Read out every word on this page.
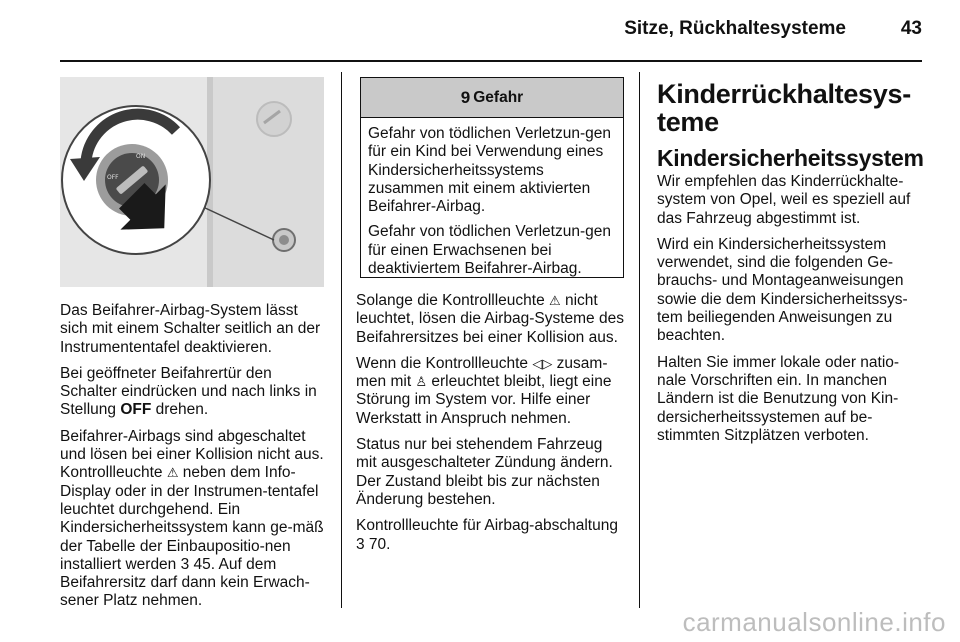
Sitze, Rückhaltesysteme	43
ON
OFF

Das Beifahrer-Airbag-System lässt sich mit einem Schalter seitlich an der Instrumententafel deaktivieren.

Bei geöffneter Beifahrertür den Schalter eindrücken und nach links in Stellung OFF drehen.

Beifahrer-Airbags sind abgeschaltet und lösen bei einer Kollision nicht aus. Kontrollleuchte ⚠ neben dem Info-Display oder in der Instrumen-tentafel leuchtet durchgehend. Ein Kindersicherheitssystem kann ge-mäß der Tabelle der Einbaupositio-nen installiert werden 3 45. Auf dem Beifahrersitz darf dann kein Erwach-sener Platz nehmen.

9 Gefahr

Gefahr von tödlichen Verletzun-gen für ein Kind bei Verwendung eines Kindersicherheitssystems zusammen mit einem aktivierten Beifahrer-Airbag.

Gefahr von tödlichen Verletzun-gen für einen Erwachsenen bei deaktiviertem Beifahrer-Airbag.

Solange die Kontrollleuchte ⚠ nicht leuchtet, lösen die Airbag-Systeme des Beifahrersitzes bei einer Kollision aus.

Wenn die Kontrollleuchte ◁▷ zusam-men mit ♙ erleuchtet bleibt, liegt eine Störung im System vor. Hilfe einer Werkstatt in Anspruch nehmen.

Status nur bei stehendem Fahrzeug mit ausgeschalteter Zündung ändern. Der Zustand bleibt bis zur nächsten Änderung bestehen.

Kontrollleuchte für Airbag-abschaltung 3 70.

Kinderrückhaltesys-teme
Kindersicherheitssystem

Wir empfehlen das Kinderrückhalte-system von Opel, weil es speziell auf das Fahrzeug abgestimmt ist.

Wird ein Kindersicherheitssystem verwendet, sind die folgenden Ge-brauchs- und Montageanweisungen sowie die dem Kindersicherheitssys-tem beiliegenden Anweisungen zu beachten.

Halten Sie immer lokale oder natio-nale Vorschriften ein. In manchen Ländern ist die Benutzung von Kin-dersicherheitssystemen auf be-stimmten Sitzplätzen verboten.

carmanualsonline.info
